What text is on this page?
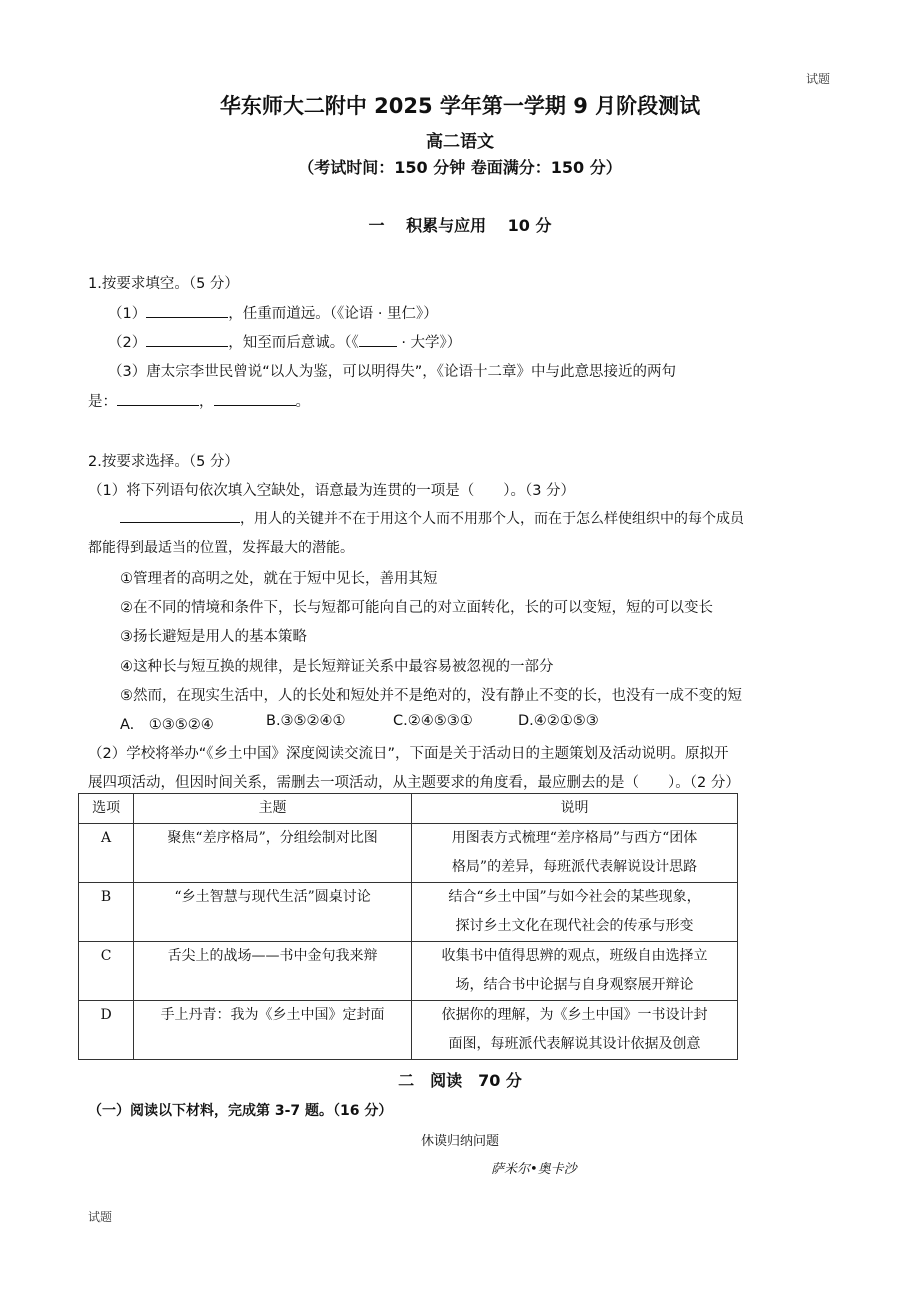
试题
华东师大二附中 2025 学年第一学期 9 月阶段测试
高二语文
（考试时间：150 分钟 卷面满分：150 分）
一　 积累与应用　 10 分
1.按要求填空。（5 分）
（1）	，任重而道远。（《论语 · 里仁》）
（2）	，知至而后意诚。（《	· 大学》）
（3）唐太宗李世民曾说“以人为鉴，可以明得失”，《论语十二章》中与此意思接近的两句
是：	，	。
2.按要求选择。（5 分）
（1）将下列语句依次填入空缺处，语意最为连贯的一项是（　　）。（3 分）
，用人的关键并不在于用这个人而不用那个人，而在于怎么样使组织中的每个成员
都能得到最适当的位置，发挥最大的潜能。
①管理者的高明之处，就在于短中见长，善用其短
②在不同的情境和条件下，长与短都可能向自己的对立面转化，长的可以变短，短的可以变长
③扬长避短是用人的基本策略
④这种长与短互换的规律，是长短辩证关系中最容易被忽视的一部分
⑤然而，在现实生活中，人的长处和短处并不是绝对的，没有静止不变的长，也没有一成不变的短
A.　①③⑤②④	B.③⑤②④①	C.②④⑤③①	D.④②①⑤③
（2）学校将举办“《乡土中国》深度阅读交流日”，下面是关于活动日的主题策划及活动说明。原拟开
展四项活动，但因时间关系，需删去一项活动，从主题要求的角度看，最应删去的是（　　）。（2 分）
选项	主题	说明
A	聚焦“差序格局”，分组绘制对比图	用图表方式梳理“差序格局”与西方“团体
格局”的差异，每班派代表解说设计思路

B	“乡土智慧与现代生活”圆桌讨论	结合“乡土中国”与如今社会的某些现象，
探讨乡土文化在现代社会的传承与形变

C	舌尖上的战场——书中金句我来辩	收集书中值得思辨的观点，班级自由选择立
场，结合书中论据与自身观察展开辩论

D	手上丹青：我为《乡土中国》定封面	依据你的理解，为《乡土中国》一书设计封
面图，每班派代表解说其设计依据及创意
二　阅读　70 分
（一）阅读以下材料，完成第 3-7 题。（16 分）
休谟归纳问题
萨米尔•奥卡沙
试题
